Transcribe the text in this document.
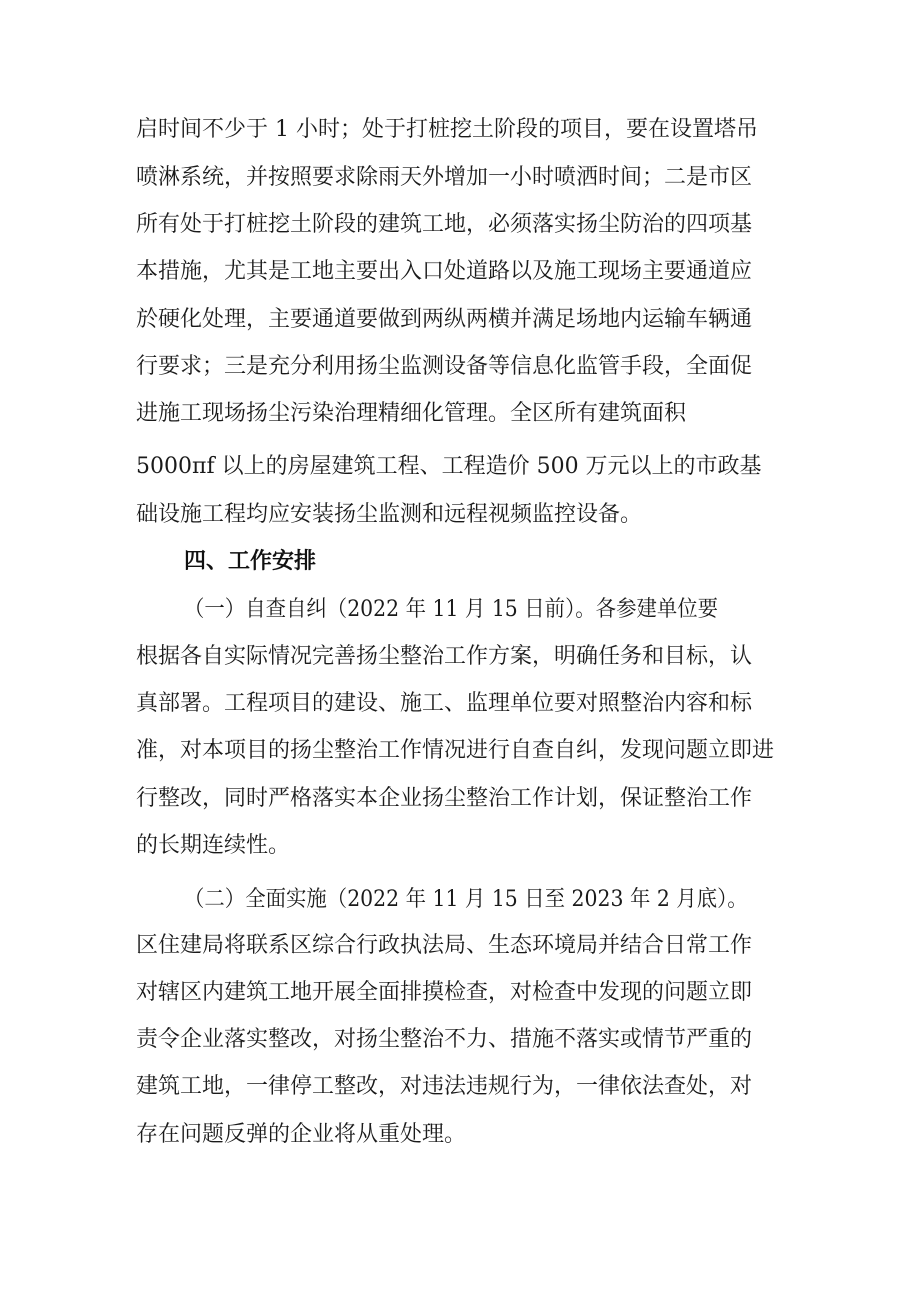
启时间不少于 1 小时；处于打桩挖土阶段的项目，要在设置塔吊
喷淋系统，并按照要求除雨天外增加一小时喷洒时间；二是市区
所有处于打桩挖土阶段的建筑工地，必须落实扬尘防治的四项基
本措施，尤其是工地主要出入口处道路以及施工现场主要通道应
於硬化处理，主要通道要做到两纵两横并满足场地内运输车辆通
行要求；三是充分利用扬尘监测设备等信息化监管手段，全面促
进施工现场扬尘污染治理精细化管理。全区所有建筑面积
5000πf 以上的房屋建筑工程、工程造价 500 万元以上的市政基
础设施工程均应安装扬尘监测和远程视频监控设备。
四、工作安排
（一）自查自纠（2022 年 11 月 15 日前）。各参建单位要
根据各自实际情况完善扬尘整治工作方案，明确任务和目标，认
真部署。工程项目的建设、施工、监理单位要对照整治内容和标
准，对本项目的扬尘整治工作情况进行自查自纠，发现问题立即进
行整改，同时严格落实本企业扬尘整治工作计划，保证整治工作
的长期连续性。
（二）全面实施（2022 年 11 月 15 日至 2023 年 2 月底）。
区住建局将联系区综合行政执法局、生态环境局并结合日常工作
对辖区内建筑工地开展全面排摸检查，对检查中发现的问题立即
责令企业落实整改，对扬尘整治不力、措施不落实或情节严重的
建筑工地，一律停工整改，对违法违规行为，一律依法查处，对
存在问题反弹的企业将从重处理。
